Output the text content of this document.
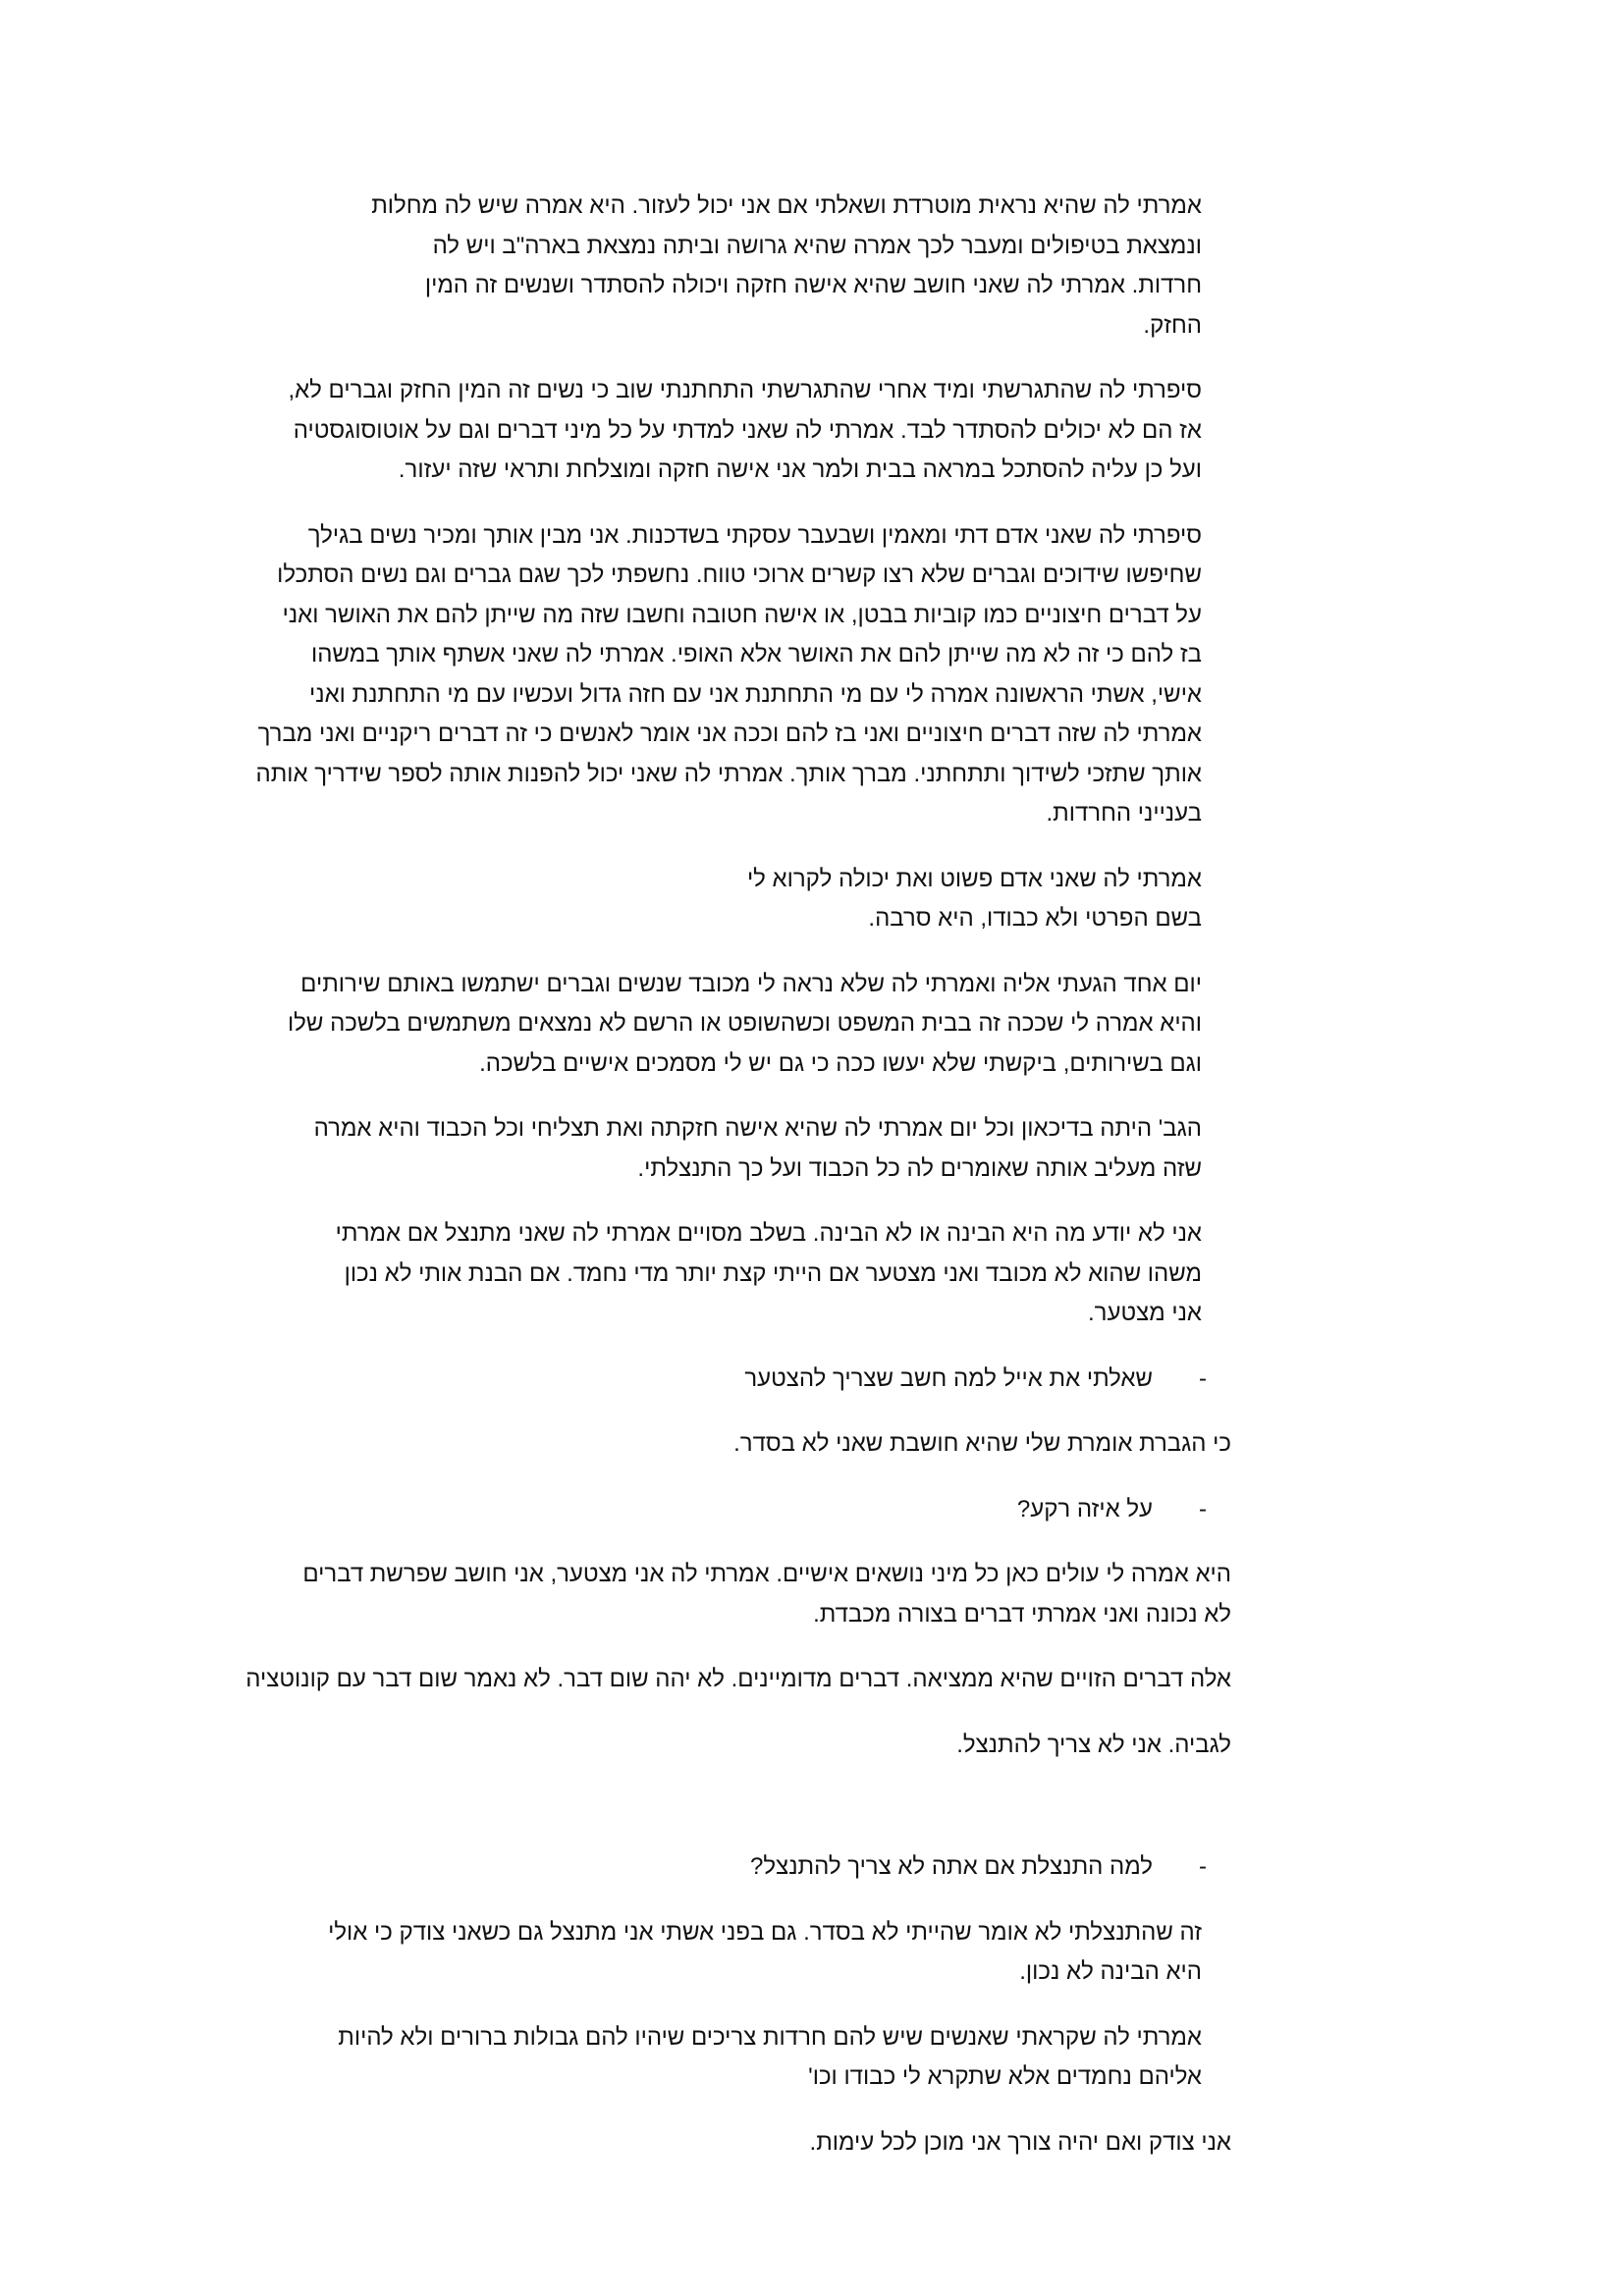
אמרתי לה שהיא נראית מוטרדת ושאלתי אם אני יכול לעזור. היא אמרה שיש לה מחלות ונמצאת בטיפולים ומעבר לכך אמרה שהיא גרושה וביתה נמצאת בארה"ב ויש לה חרדות. אמרתי לה שאני חושב שהיא אישה חזקה ויכולה להסתדר ושנשים זה המין החזק.

סיפרתי לה שהתגרשתי ומיד אחרי שהתגרשתי התחתנתי שוב כי נשים זה המין החזק וגברים לא, אז הם לא יכולים להסתדר לבד. אמרתי לה שאני למדתי על כל מיני דברים וגם על אוטוסוגסטיה ועל כן עליה להסתכל במראה בבית ולמר אני אישה חזקה ומוצלחת ותראי שזה יעזור.

סיפרתי לה שאני אדם דתי ומאמין ושבעבר עסקתי בשדכנות. אני מבין אותך ומכיר נשים בגילך שחיפשו שידוכים וגברים שלא רצו קשרים ארוכי טווח. נחשפתי לכך שגם גברים וגם נשים הסתכלו על דברים חיצוניים כמו קוביות בבטן, או אישה חטובה וחשבו שזה מה שייתן להם את האושר ואני בז להם כי זה לא מה שייתן להם את האושר אלא האופי. אמרתי לה שאני אשתף אותך במשהו אישי, אשתי הראשונה אמרה לי עם מי התחתנת אני עם חזה גדול ועכשיו עם מי התחתנת ואני אמרתי לה שזה דברים חיצוניים ואני בז להם וככה אני אומר לאנשים כי זה דברים ריקניים ואני מברך אותך שתזכי לשידוך ותתחתני. מברך אותך. אמרתי לה שאני יכול להפנות אותה לספר שידריך אותה בענייני החרדות.

אמרתי לה שאני אדם פשוט ואת יכולה לקרוא לי בשם הפרטי ולא כבודו, היא סרבה.

יום אחד הגעתי אליה ואמרתי לה שלא נראה לי מכובד שנשים וגברים ישתמשו באותם שירותים והיא אמרה לי שככה זה בבית המשפט וכשהשופט או הרשם לא נמצאים משתמשים בלשכה שלו וגם בשירותים, ביקשתי שלא יעשו ככה כי גם יש לי מסמכים אישיים בלשכה.

הגב' היתה בדיכאון וכל יום אמרתי לה שהיא אישה חזקתה ואת תצליחי וכל הכבוד והיא אמרה שזה מעליב אותה שאומרים לה כל הכבוד ועל כך התנצלתי.

אני לא יודע מה היא הבינה או לא הבינה. בשלב מסויים אמרתי לה שאני מתנצל אם אמרתי משהו שהוא לא מכובד ואני מצטער אם הייתי קצת יותר מדי נחמד. אם הבנת אותי לא נכון אני מצטער.

-
שאלתי את אייל למה חשב שצריך להצטער

כי הגברת אומרת שלי שהיא חושבת שאני לא בסדר.

-
על איזה רקע?

היא אמרה לי עולים כאן כל מיני נושאים אישיים. אמרתי לה אני מצטער, אני חושב שפרשת דברים לא נכונה ואני אמרתי דברים בצורה מכבדת.

אלה דברים הזויים שהיא ממציאה. דברים מדומיינים. לא יהה שום דבר. לא נאמר שום דבר עם קונוטציה

לגביה. אני לא צריך להתנצל.

-
למה התנצלת אם אתה לא צריך להתנצל?

זה שהתנצלתי לא אומר שהייתי לא בסדר. גם בפני אשתי אני מתנצל גם כשאני צודק כי אולי היא הבינה לא נכון.

אמרתי לה שקראתי שאנשים שיש להם חרדות צריכים שיהיו להם גבולות ברורים ולא להיות אליהם נחמדים אלא שתקרא לי כבודו וכו'

אני צודק ואם יהיה צורך אני מוכן לכל עימות.
